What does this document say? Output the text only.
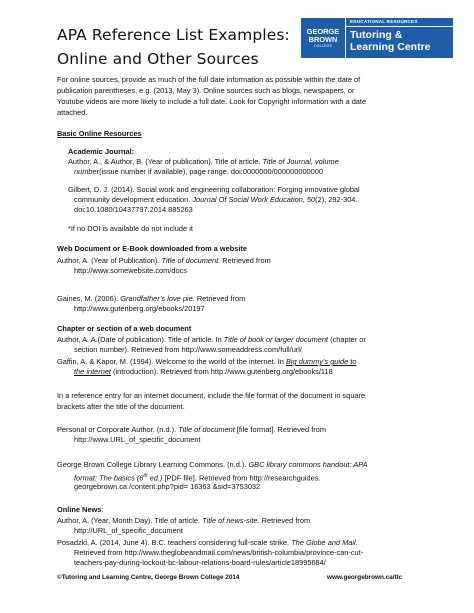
APA Reference List Examples:
Online and Other Sources
GEORGE
BROWN
COLLEGE
EDUCATIONAL RESOURCES
Tutoring &
Learning Centre
For online sources, provide as much of the full date information as possible within the date of
publication parentheses, e.g. (2013, May 3). Online sources such as blogs, newspapers, or
Youtube videos are more likely to include a full date. Look for Copyright information with a date
attached.
Basic Online Resources
Academic Journal:
Author, A., & Author, B. (Year of publication). Title of article. Title of Journal, volume
number(issue number if available), page range. doi:0000000/000000000000
Gilbert, D. J. (2014). Social work and engineering collaboration: Forging innovative global
community development education. Journal Of Social Work Education, 50(2), 292-304.
doi:10.1080/10437797.2014.885263
*If no DOI is available do not include it
Web Document or E-Book downloaded from a website
Author, A. (Year of Publication). Title of document. Retrieved from
http://www.somewebsite.com/docs
Gaines, M. (2006). Grandfather’s love pie. Retrieved from
http://www.gutenberg.org/ebooks/20197
Chapter or section of a web document
Author, A. A.(Date of publication). Title of article. In Title of book or larger document (chapter or
section number). Retrieved from http://www.someaddress.com/full/url/
Gaffin, A. & Kapor, M. (1994). Welcome to the world of the internet. In Big dummy’s guide to
the internet (introduction). Retrieved from http://www.gutenberg.org/ebooks/118
In a reference entry for an internet document, include the file format of the document in square
brackets after the title of the document.
Personal or Corporate Author. (n.d.). Title of document [file format]. Retrieved from
http://www.URL_of_specific_document
George Brown College Library Learning Commons. (n.d.). GBC library commons handout: APA
format: The basics (6th ed.) [PDF file]. Retrieved from http://researchguides.
georgebrown.ca /content.php?pid= 16363 &sid=3753032
Online News:
Author, A. (Year, Month Day). Title of article. Title of news-site. Retrieved from
http://URL_of_specific_document
Posadzki, A. (2014, June 4). B.C. teachers considering full-scale strike. The Globe and Mail.
Retrieved from http://www.theglobeandmail.com/news/british-columbia/province-can-cut-
teachers-pay-during-lockout-bc-labour-relations-board-rules/article18995684/
©Tutoring and Learning Centre, George Brown College 2014	www.georgebrown.ca/tlc
